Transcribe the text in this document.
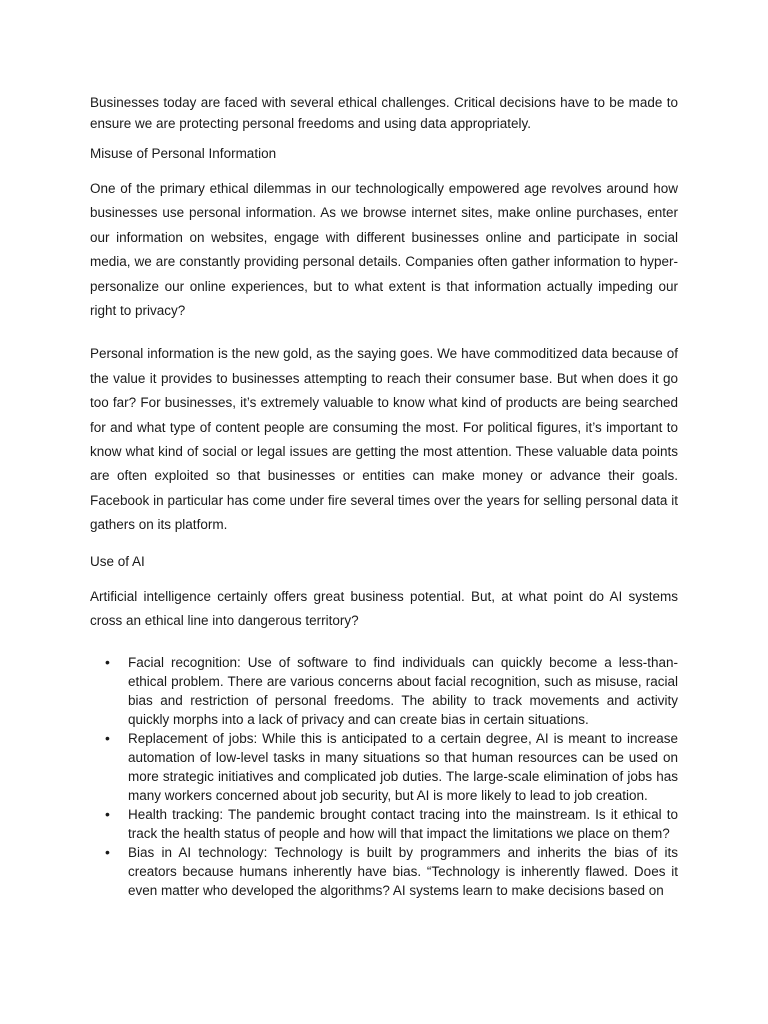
Businesses today are faced with several ethical challenges. Critical decisions have to be made to ensure we are protecting personal freedoms and using data appropriately.

Misuse of Personal Information

One of the primary ethical dilemmas in our technologically empowered age revolves around how businesses use personal information. As we browse internet sites, make online purchases, enter our information on websites, engage with different businesses online and participate in social media, we are constantly providing personal details. Companies often gather information to hyper-personalize our online experiences, but to what extent is that information actually impeding our right to privacy?

Personal information is the new gold, as the saying goes. We have commoditized data because of the value it provides to businesses attempting to reach their consumer base. But when does it go too far? For businesses, it’s extremely valuable to know what kind of products are being searched for and what type of content people are consuming the most. For political figures, it’s important to know what kind of social or legal issues are getting the most attention. These valuable data points are often exploited so that businesses or entities can make money or advance their goals. Facebook in particular has come under fire several times over the years for selling personal data it gathers on its platform.

Use of AI

Artificial intelligence certainly offers great business potential. But, at what point do AI systems cross an ethical line into dangerous territory?

• Facial recognition: Use of software to find individuals can quickly become a less-than-ethical problem. There are various concerns about facial recognition, such as misuse, racial bias and restriction of personal freedoms. The ability to track movements and activity quickly morphs into a lack of privacy and can create bias in certain situations.
• Replacement of jobs: While this is anticipated to a certain degree, AI is meant to increase automation of low-level tasks in many situations so that human resources can be used on more strategic initiatives and complicated job duties. The large-scale elimination of jobs has many workers concerned about job security, but AI is more likely to lead to job creation.
• Health tracking: The pandemic brought contact tracing into the mainstream. Is it ethical to track the health status of people and how will that impact the limitations we place on them?
• Bias in AI technology: Technology is built by programmers and inherits the bias of its creators because humans inherently have bias. “Technology is inherently flawed. Does it even matter who developed the algorithms? AI systems learn to make decisions based on
